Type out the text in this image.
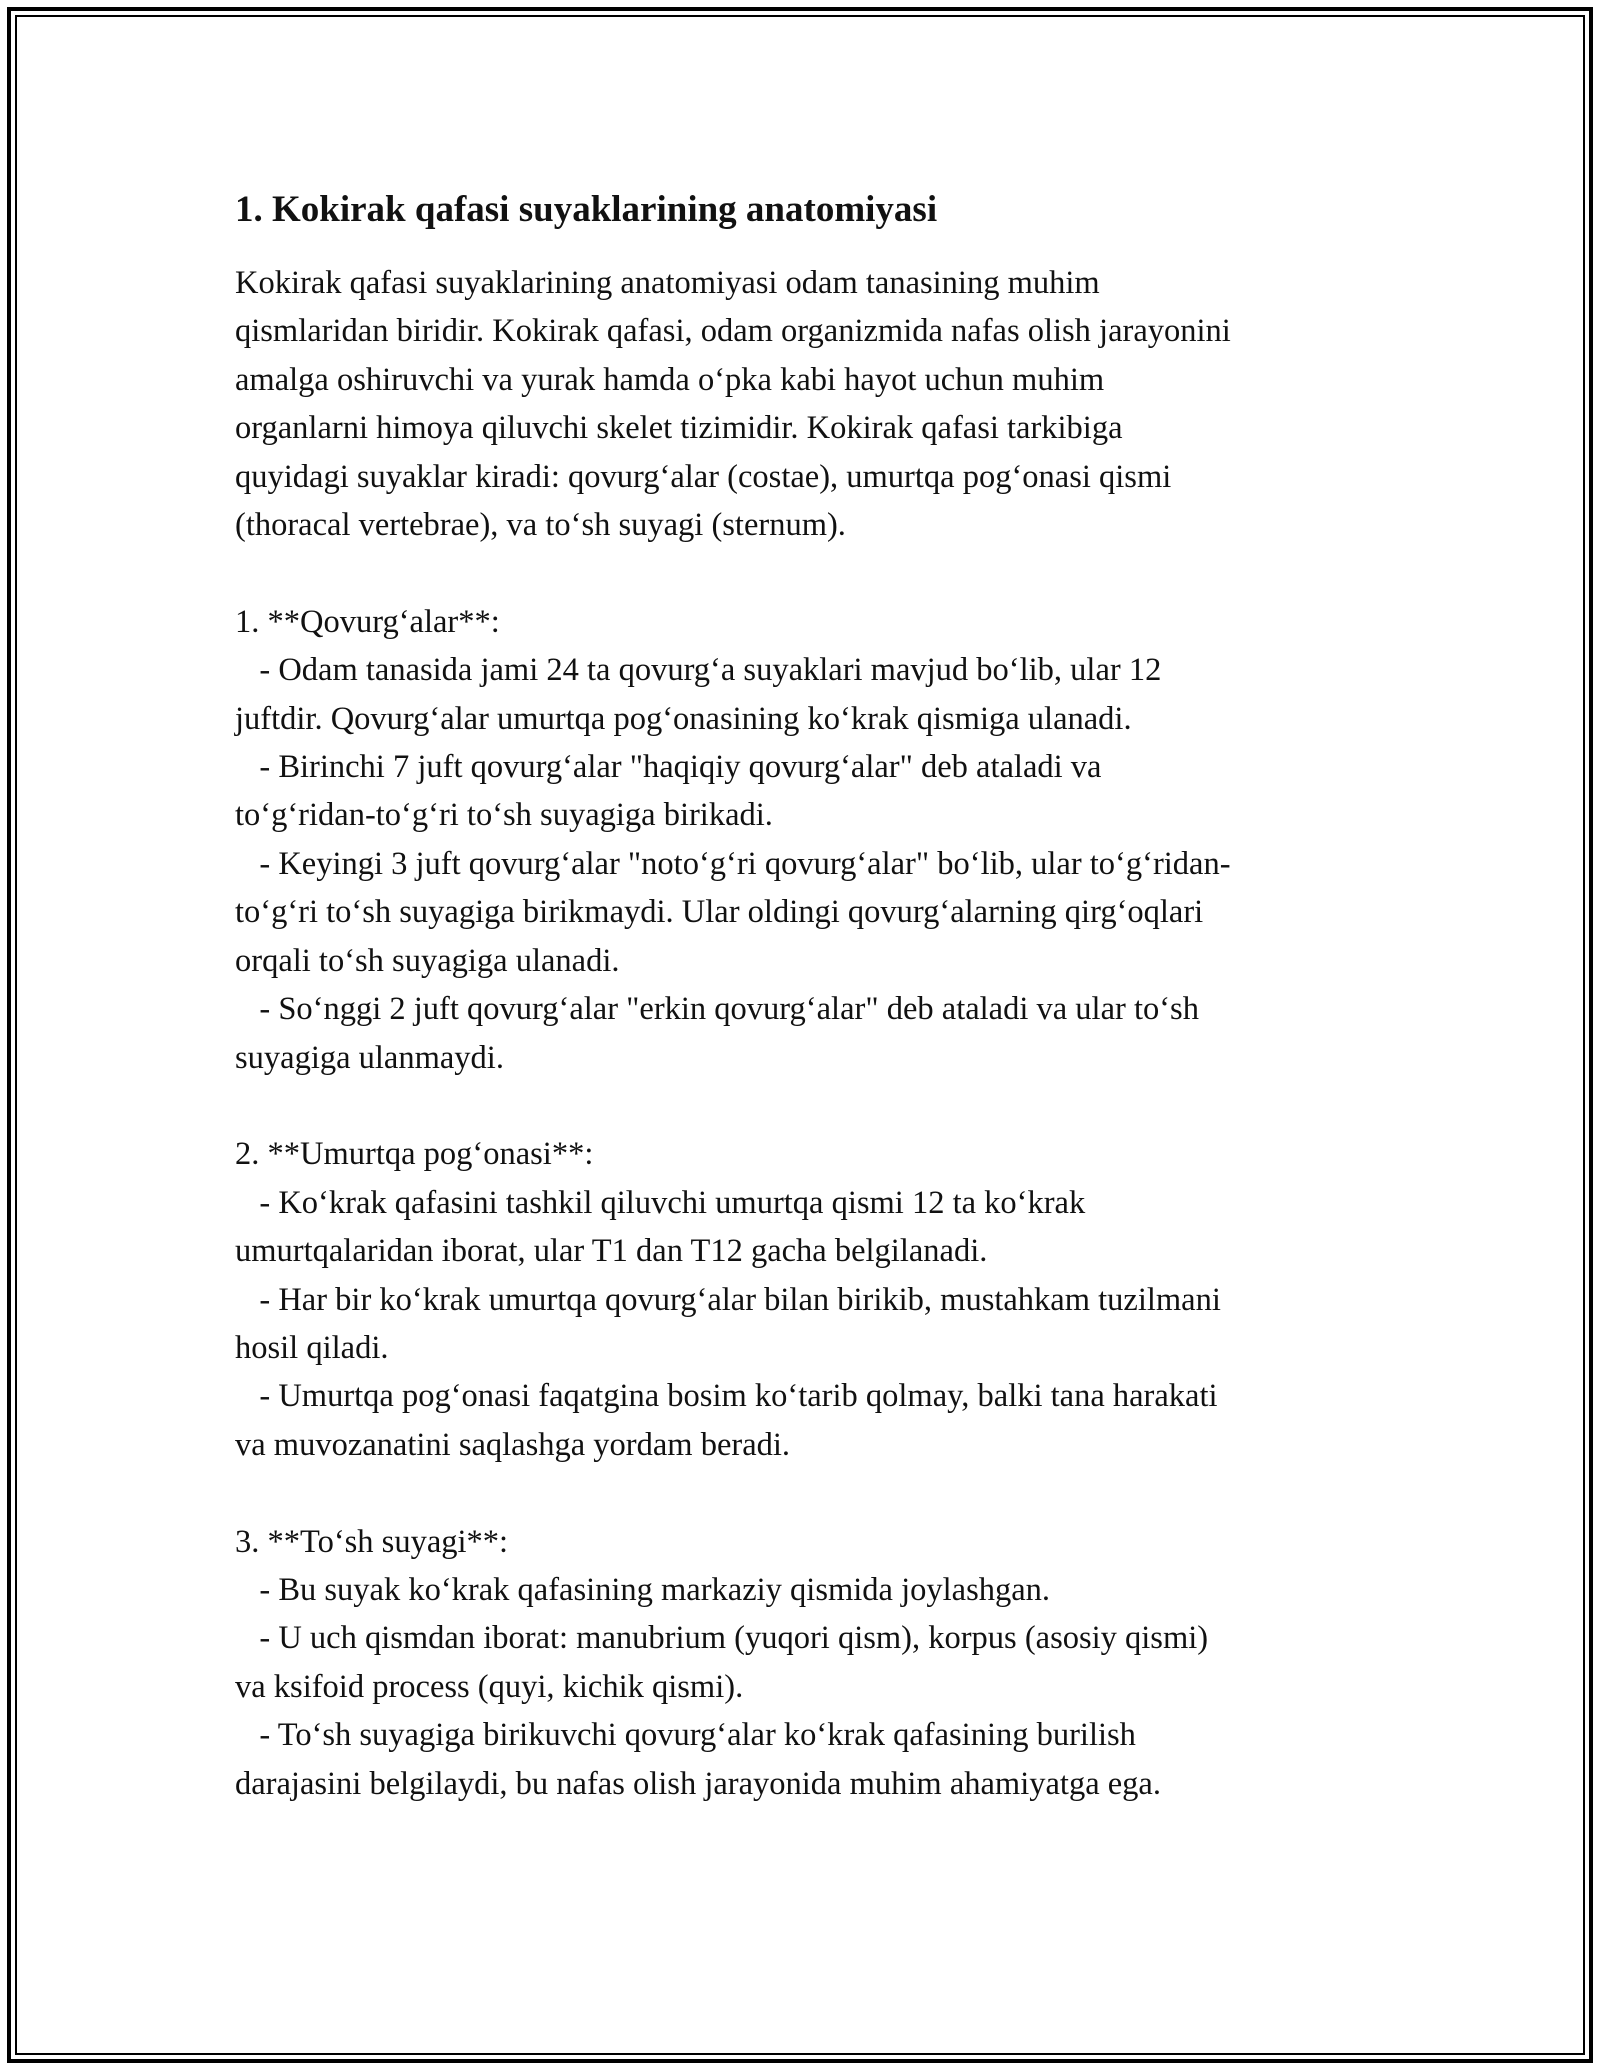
1. Kokirak qafasi suyaklarining anatomiyasi

Kokirak qafasi suyaklarining anatomiyasi odam tanasining muhim
qismlaridan biridir. Kokirak qafasi, odam organizmida nafas olish jarayonini
amalga oshiruvchi va yurak hamda o‘pka kabi hayot uchun muhim
organlarni himoya qiluvchi skelet tizimidir. Kokirak qafasi tarkibiga
quyidagi suyaklar kiradi: qovurg‘alar (costae), umurtqa pog‘onasi qismi
(thoracal vertebrae), va to‘sh suyagi (sternum).

1. **Qovurg‘alar**:
- Odam tanasida jami 24 ta qovurg‘a suyaklari mavjud bo‘lib, ular 12
juftdir. Qovurg‘alar umurtqa pog‘onasining ko‘krak qismiga ulanadi.
- Birinchi 7 juft qovurg‘alar "haqiqiy qovurg‘alar" deb ataladi va
to‘g‘ridan-to‘g‘ri to‘sh suyagiga birikadi.
- Keyingi 3 juft qovurg‘alar "noto‘g‘ri qovurg‘alar" bo‘lib, ular to‘g‘ridan-
to‘g‘ri to‘sh suyagiga birikmaydi. Ular oldingi qovurg‘alarning qirg‘oqlari
orqali to‘sh suyagiga ulanadi.
- So‘nggi 2 juft qovurg‘alar "erkin qovurg‘alar" deb ataladi va ular to‘sh
suyagiga ulanmaydi.

2. **Umurtqa pog‘onasi**:
- Ko‘krak qafasini tashkil qiluvchi umurtqa qismi 12 ta ko‘krak
umurtqalaridan iborat, ular T1 dan T12 gacha belgilanadi.
- Har bir ko‘krak umurtqa qovurg‘alar bilan birikib, mustahkam tuzilmani
hosil qiladi.
- Umurtqa pog‘onasi faqatgina bosim ko‘tarib qolmay, balki tana harakati
va muvozanatini saqlashga yordam beradi.

3. **To‘sh suyagi**:
- Bu suyak ko‘krak qafasining markaziy qismida joylashgan.
- U uch qismdan iborat: manubrium (yuqori qism), korpus (asosiy qismi)
va ksifoid process (quyi, kichik qismi).
- To‘sh suyagiga birikuvchi qovurg‘alar ko‘krak qafasining burilish
darajasini belgilaydi, bu nafas olish jarayonida muhim ahamiyatga ega.
